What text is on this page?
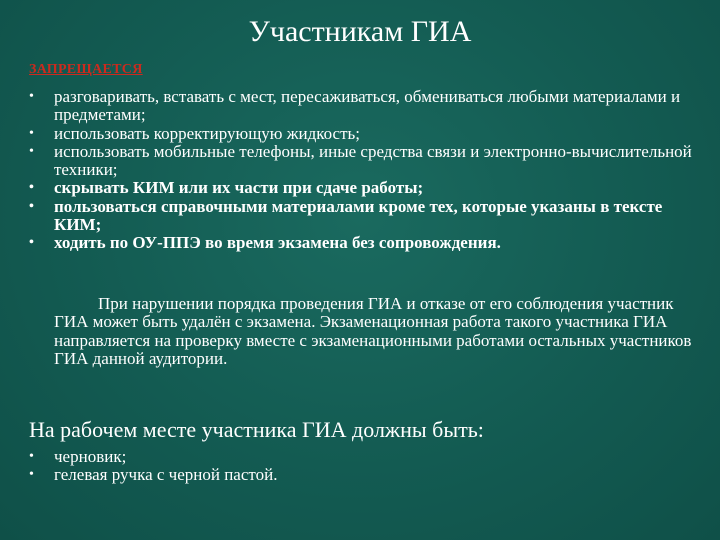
Участникам ГИА
ЗАПРЕЩАЕТСЯ
• разговаривать, вставать с мест, пересаживаться, обмениваться любыми материалами и предметами;
• использовать корректирующую жидкость;
• использовать мобильные телефоны, иные средства связи и электронно-вычислительной техники;
• скрывать КИМ или их части при сдаче работы;
• пользоваться справочными материалами кроме тех, которые указаны в тексте КИМ;
• ходить по ОУ-ППЭ во время экзамена без сопровождения.

При нарушении порядка проведения ГИА и отказе от его соблюдения участник ГИА может быть удалён с экзамена. Экзаменационная работа такого участника ГИА направляется на проверку вместе с экзаменационными работами остальных участников ГИА данной аудитории.

На рабочем месте участника ГИА должны быть:
• черновик;
• гелевая ручка с черной пастой.
